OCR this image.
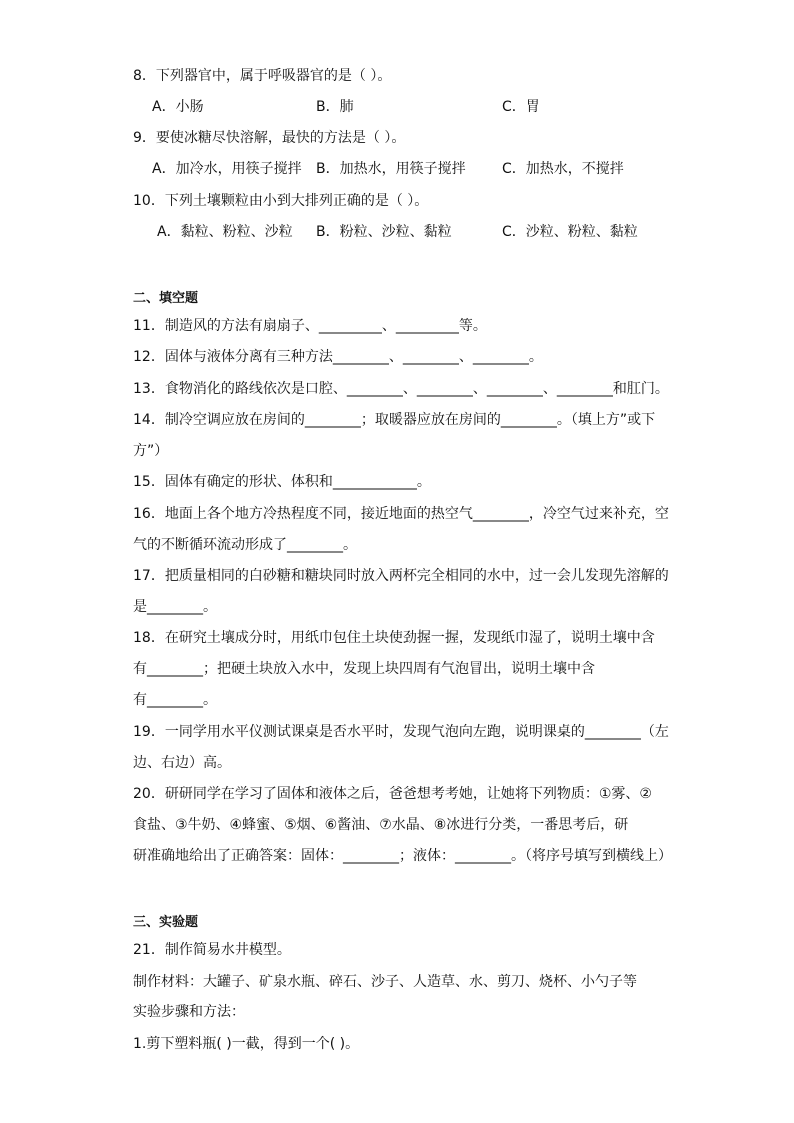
8．下列器官中，属于呼吸器官的是（ ）。
A．小肠	B．肺	C．胃
9．要使冰糖尽快溶解，最快的方法是（ ）。
A．加冷水，用筷子搅拌 B．加热水，用筷子搅拌	C．加热水，不搅拌
10．下列土壤颗粒由小到大排列正确的是（ ）。
A．黏粒、粉粒、沙粒 B．粉粒、沙粒、黏粒	C．沙粒、粉粒、黏粒
二、填空题
11．制造风的方法有扇扇子、_________、_________等。
12．固体与液体分离有三种方法________、________、________。
13．食物消化的路线依次是口腔、________、________、________、________和肛门。
14．制冷空调应放在房间的________；取暖器应放在房间的________。（填上方”或下
方”）
15．固体有确定的形状、体积和____________。
16．地面上各个地方冷热程度不同，接近地面的热空气________，冷空气过来补充，空
气的不断循环流动形成了________。
17．把质量相同的白砂糖和糖块同时放入两杯完全相同的水中，过一会儿发现先溶解的
是________。
18．在研究土壤成分时，用纸巾包住土块使劲握一握，发现纸巾湿了，说明土壤中含
有________；把硬土块放入水中，发现上块四周有气泡冒出，说明土壤中含
有________。
19．一同学用水平仪测试课桌是否水平时，发现气泡向左跑，说明课桌的________（左
边、右边）高。
20．研研同学在学习了固体和液体之后，爸爸想考考她，让她将下列物质：①雾、②
食盐、③牛奶、④蜂蜜、⑤烟、⑥酱油、⑦水晶、⑧冰进行分类，一番思考后，研
研准确地给出了正确答案：固体：________；液体：________。（将序号填写到横线上）
三、实验题
21．制作简易水井模型。
制作材料：大罐子、矿泉水瓶、碎石、沙子、人造草、水、剪刀、烧杯、小勺子等
实验步骤和方法：
1.剪下塑料瓶( )一截，得到一个( )。
